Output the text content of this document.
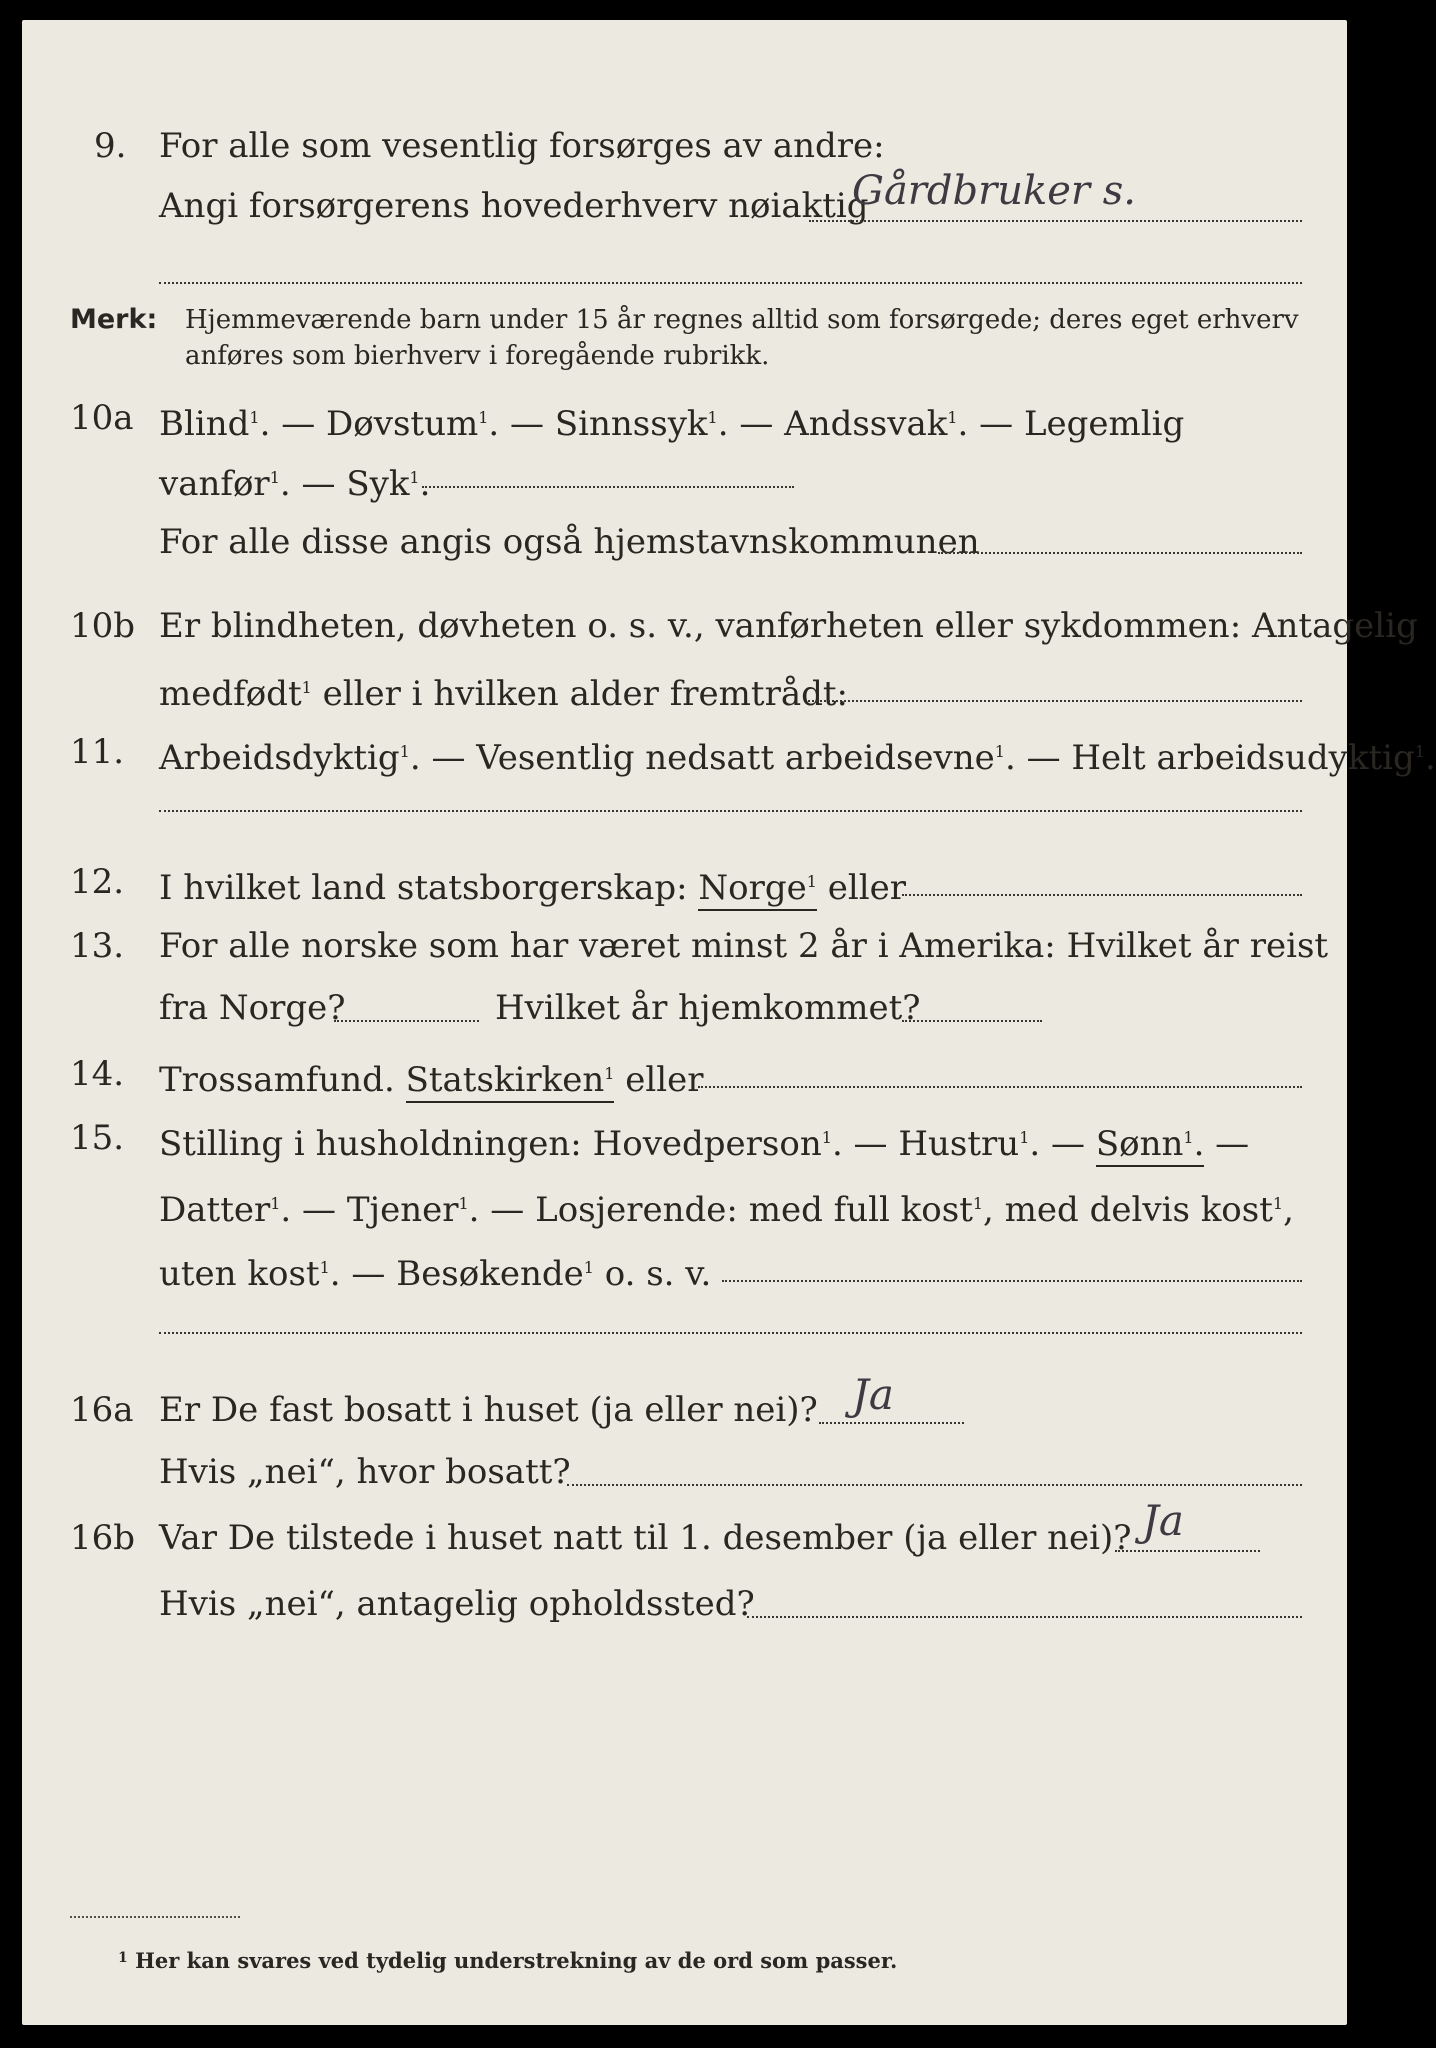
9. For alle som vesentlig forsørges av andre:
Angi forsørgerens hovederhverv nøiaktig
Gårdbruker s.
Merk: Hjemmeværende barn under 15 år regnes alltid som forsørgede; deres eget erhverv
anføres som bierhverv i foregående rubrikk.
10a Blind$^1$. — Døvstum$^1$. — Sinnssyk$^1$. — Andssvak$^1$. — Legemlig
vanfør$^1$. — Syk$^1$.
For alle disse angis også hjemstavnskommunen
10b Er blindheten, døvheten o. s. v., vanførheten eller sykdommen: Antagelig
medfødt$^1$ eller i hvilken alder fremtrådt:
11. Arbeidsdyktig$^1$. — Vesentlig nedsatt arbeidsevne$^1$. — Helt arbeidsudyktig$^1$.
12. I hvilket land statsborgerskap: Norge$^1$ eller
13. For alle norske som har været minst 2 år i Amerika: Hvilket år reist
fra Norge?	Hvilket år hjemkommet?
14. Trossamfund. Statskirken$^1$ eller
15. Stilling i husholdningen: Hovedperson$^1$. — Hustru$^1$. — Sønn$^1$. —
Datter$^1$. — Tjener$^1$. — Losjerende: med full kost$^1$, med delvis kost$^1$,
uten kost$^1$. — Besøkende$^1$ o. s. v.
16a Er De fast bosatt i huset (ja eller nei)? Ja
Hvis „nei“, hvor bosatt?
16b Var De tilstede i huset natt til 1. desember (ja eller nei)? Ja
Hvis „nei“, antagelig opholdssted?
$^1$ Her kan svares ved tydelig understrekning av de ord som passer.
